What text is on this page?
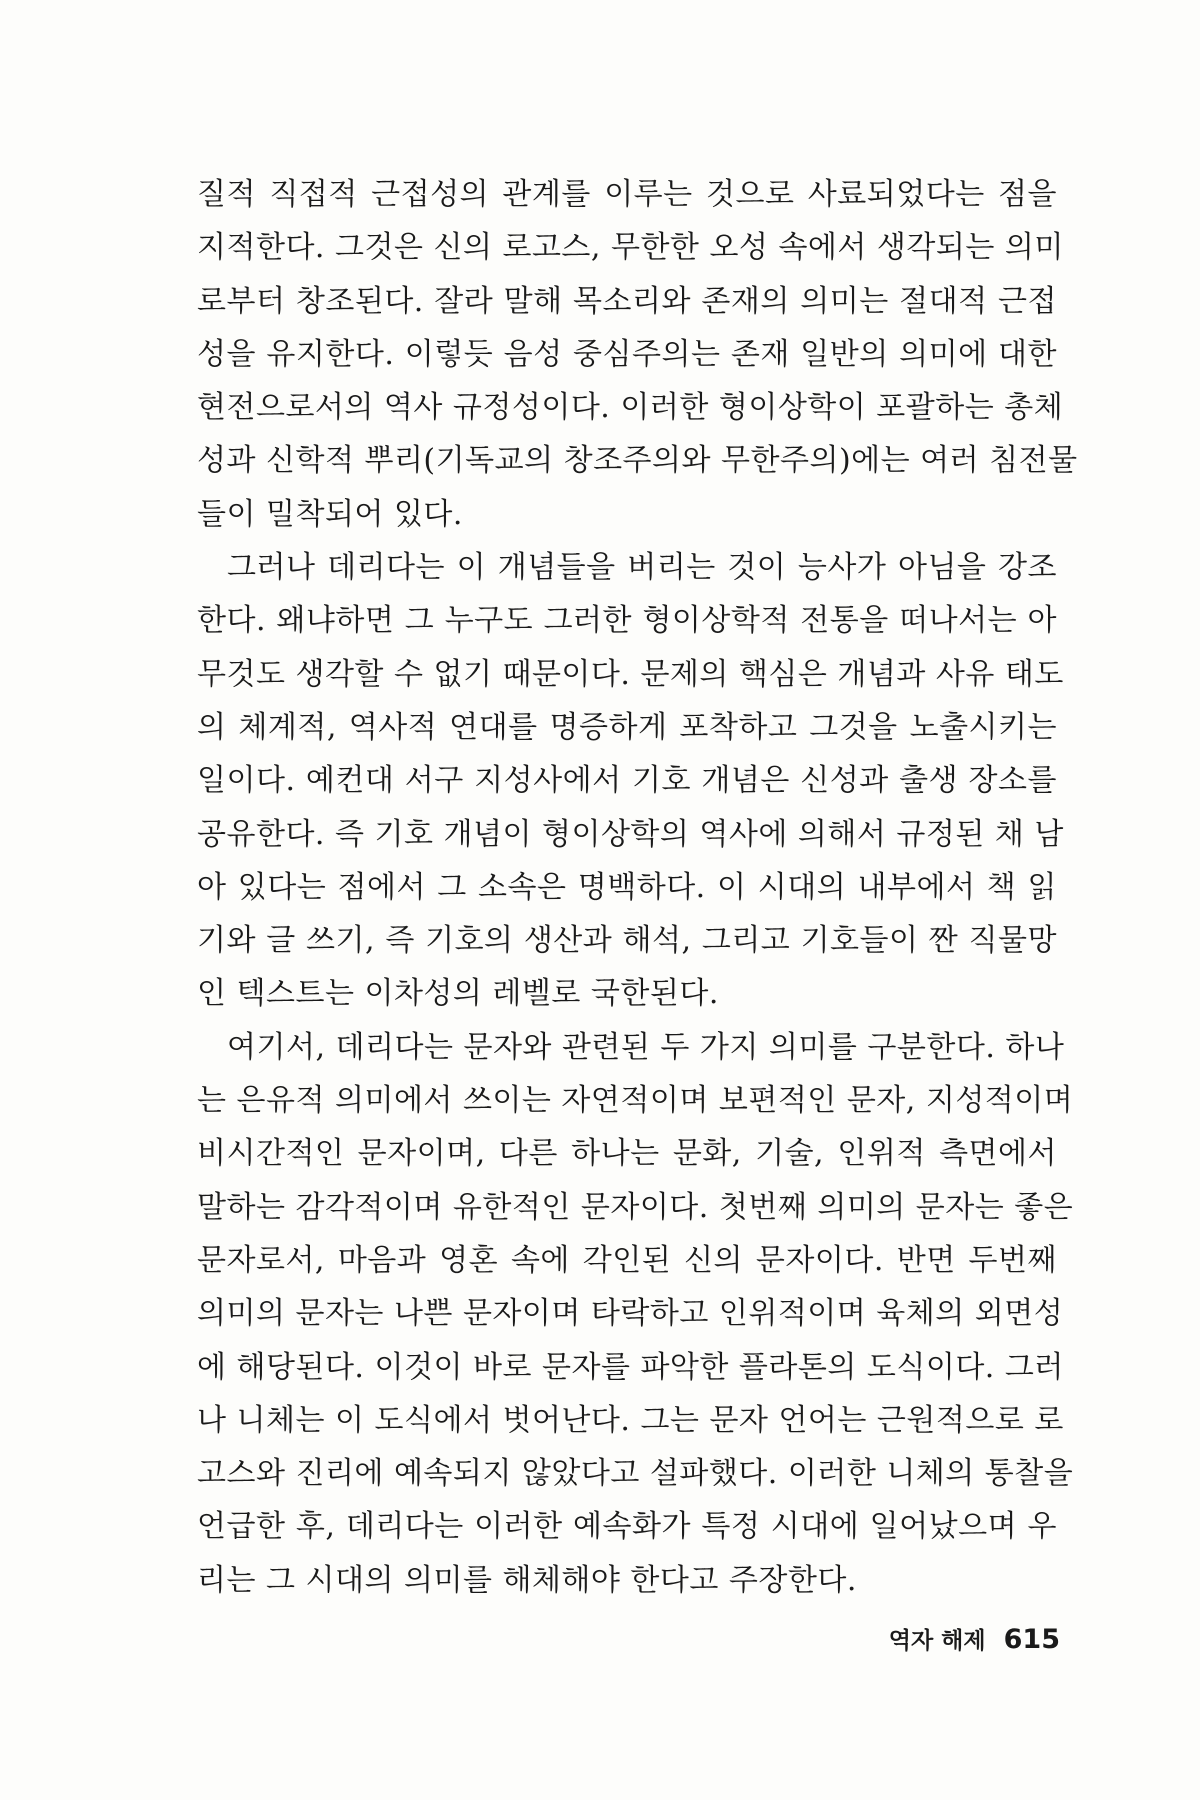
질적 직접적 근접성의 관계를 이루는 것으로 사료되었다는 점을
지적한다. 그것은 신의 로고스, 무한한 오성 속에서 생각되는 의미
로부터 창조된다. 잘라 말해 목소리와 존재의 의미는 절대적 근접
성을 유지한다. 이렇듯 음성 중심주의는 존재 일반의 의미에 대한
현전으로서의 역사 규정성이다. 이러한 형이상학이 포괄하는 총체
성과 신학적 뿌리(기독교의 창조주의와 무한주의)에는 여러 침전물
들이 밀착되어 있다.

그러나 데리다는 이 개념들을 버리는 것이 능사가 아님을 강조
한다. 왜냐하면 그 누구도 그러한 형이상학적 전통을 떠나서는 아
무것도 생각할 수 없기 때문이다. 문제의 핵심은 개념과 사유 태도
의 체계적, 역사적 연대를 명증하게 포착하고 그것을 노출시키는
일이다. 예컨대 서구 지성사에서 기호 개념은 신성과 출생 장소를
공유한다. 즉 기호 개념이 형이상학의 역사에 의해서 규정된 채 남
아 있다는 점에서 그 소속은 명백하다. 이 시대의 내부에서 책 읽
기와 글 쓰기, 즉 기호의 생산과 해석, 그리고 기호들이 짠 직물망
인 텍스트는 이차성의 레벨로 국한된다.

여기서, 데리다는 문자와 관련된 두 가지 의미를 구분한다. 하나
는 은유적 의미에서 쓰이는 자연적이며 보편적인 문자, 지성적이며
비시간적인 문자이며, 다른 하나는 문화, 기술, 인위적 측면에서
말하는 감각적이며 유한적인 문자이다. 첫번째 의미의 문자는 좋은
문자로서, 마음과 영혼 속에 각인된 신의 문자이다. 반면 두번째
의미의 문자는 나쁜 문자이며 타락하고 인위적이며 육체의 외면성
에 해당된다. 이것이 바로 문자를 파악한 플라톤의 도식이다. 그러
나 니체는 이 도식에서 벗어난다. 그는 문자 언어는 근원적으로 로
고스와 진리에 예속되지 않았다고 설파했다. 이러한 니체의 통찰을
언급한 후, 데리다는 이러한 예속화가 특정 시대에 일어났으며 우
리는 그 시대의 의미를 해체해야 한다고 주장한다.

역자 해제 615
